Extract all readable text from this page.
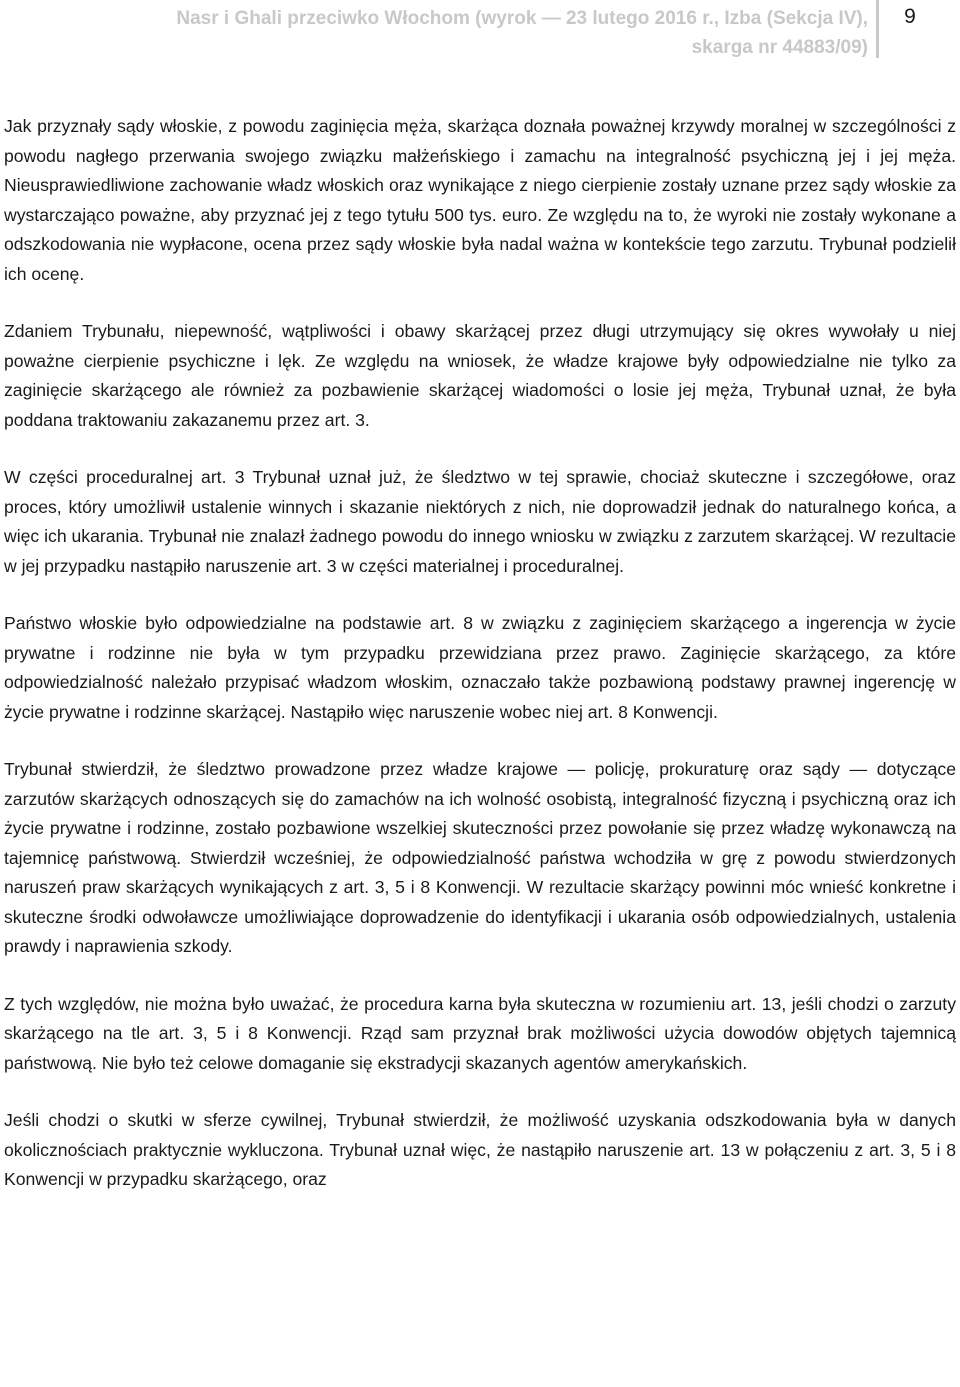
Nasr i Ghali przeciwko Włochom (wyrok — 23 lutego 2016 r., Izba (Sekcja IV),
skarga nr 44883/09)
9

Jak przyznały sądy włoskie, z powodu zaginięcia męża, skarżąca doznała poważnej krzywdy moralnej w szczególności z powodu nagłego przerwania swojego związku małżeńskiego i zamachu na integralność psychiczną jej i jej męża. Nieusprawiedliwione zachowanie władz włoskich oraz wynikające z niego cierpienie zostały uznane przez sądy włoskie za wystarczająco poważne, aby przyznać jej z tego tytułu 500 tys. euro. Ze względu na to, że wyroki nie zostały wykonane a odszkodowania nie wypłacone, ocena przez sądy włoskie była nadal ważna w kontekście tego zarzutu. Trybunał podzielił ich ocenę.

Zdaniem Trybunału, niepewność, wątpliwości i obawy skarżącej przez długi utrzymujący się okres wywołały u niej poważne cierpienie psychiczne i lęk. Ze względu na wniosek, że władze krajowe były odpowiedzialne nie tylko za zaginięcie skarżącego ale również za pozbawienie skarżącej wiadomości o losie jej męża, Trybunał uznał, że była poddana traktowaniu zakazanemu przez art. 3.

W części proceduralnej art. 3 Trybunał uznał już, że śledztwo w tej sprawie, chociaż skuteczne i szczegółowe, oraz proces, który umożliwił ustalenie winnych i skazanie niektórych z nich, nie doprowadził jednak do naturalnego końca, a więc ich ukarania. Trybunał nie znalazł żadnego powodu do innego wniosku w związku z zarzutem skarżącej. W rezultacie w jej przypadku nastąpiło naruszenie art. 3 w części materialnej i proceduralnej.

Państwo włoskie było odpowiedzialne na podstawie art. 8 w związku z zaginięciem skarżącego a ingerencja w życie prywatne i rodzinne nie była w tym przypadku przewidziana przez prawo. Zaginięcie skarżącego, za które odpowiedzialność należało przypisać władzom włoskim, oznaczało także pozbawioną podstawy prawnej ingerencję w życie prywatne i rodzinne skarżącej. Nastąpiło więc naruszenie wobec niej art. 8 Konwencji.

Trybunał stwierdził, że śledztwo prowadzone przez władze krajowe — policję, prokuraturę oraz sądy — dotyczące zarzutów skarżących odnoszących się do zamachów na ich wolność osobistą, integralność fizyczną i psychiczną oraz ich życie prywatne i rodzinne, zostało pozbawione wszelkiej skuteczności przez powołanie się przez władzę wykonawczą na tajemnicę państwową. Stwierdził wcześniej, że odpowiedzialność państwa wchodziła w grę z powodu stwierdzonych naruszeń praw skarżących wynikających z art. 3, 5 i 8 Konwencji. W rezultacie skarżący powinni móc wnieść konkretne i skuteczne środki odwoławcze umożliwiające doprowadzenie do identyfikacji i ukarania osób odpowiedzialnych, ustalenia prawdy i naprawienia szkody.

Z tych względów, nie można było uważać, że procedura karna była skuteczna w rozumieniu art. 13, jeśli chodzi o zarzuty skarżącego na tle art. 3, 5 i 8 Konwencji. Rząd sam przyznał brak możliwości użycia dowodów objętych tajemnicą państwową. Nie było też celowe domaganie się ekstradycji skazanych agentów amerykańskich.

Jeśli chodzi o skutki w sferze cywilnej, Trybunał stwierdził, że możliwość uzyskania odszkodowania była w danych okolicznościach praktycznie wykluczona. Trybunał uznał więc, że nastąpiło naruszenie art. 13 w połączeniu z art. 3, 5 i 8 Konwencji w przypadku skarżącego, oraz
